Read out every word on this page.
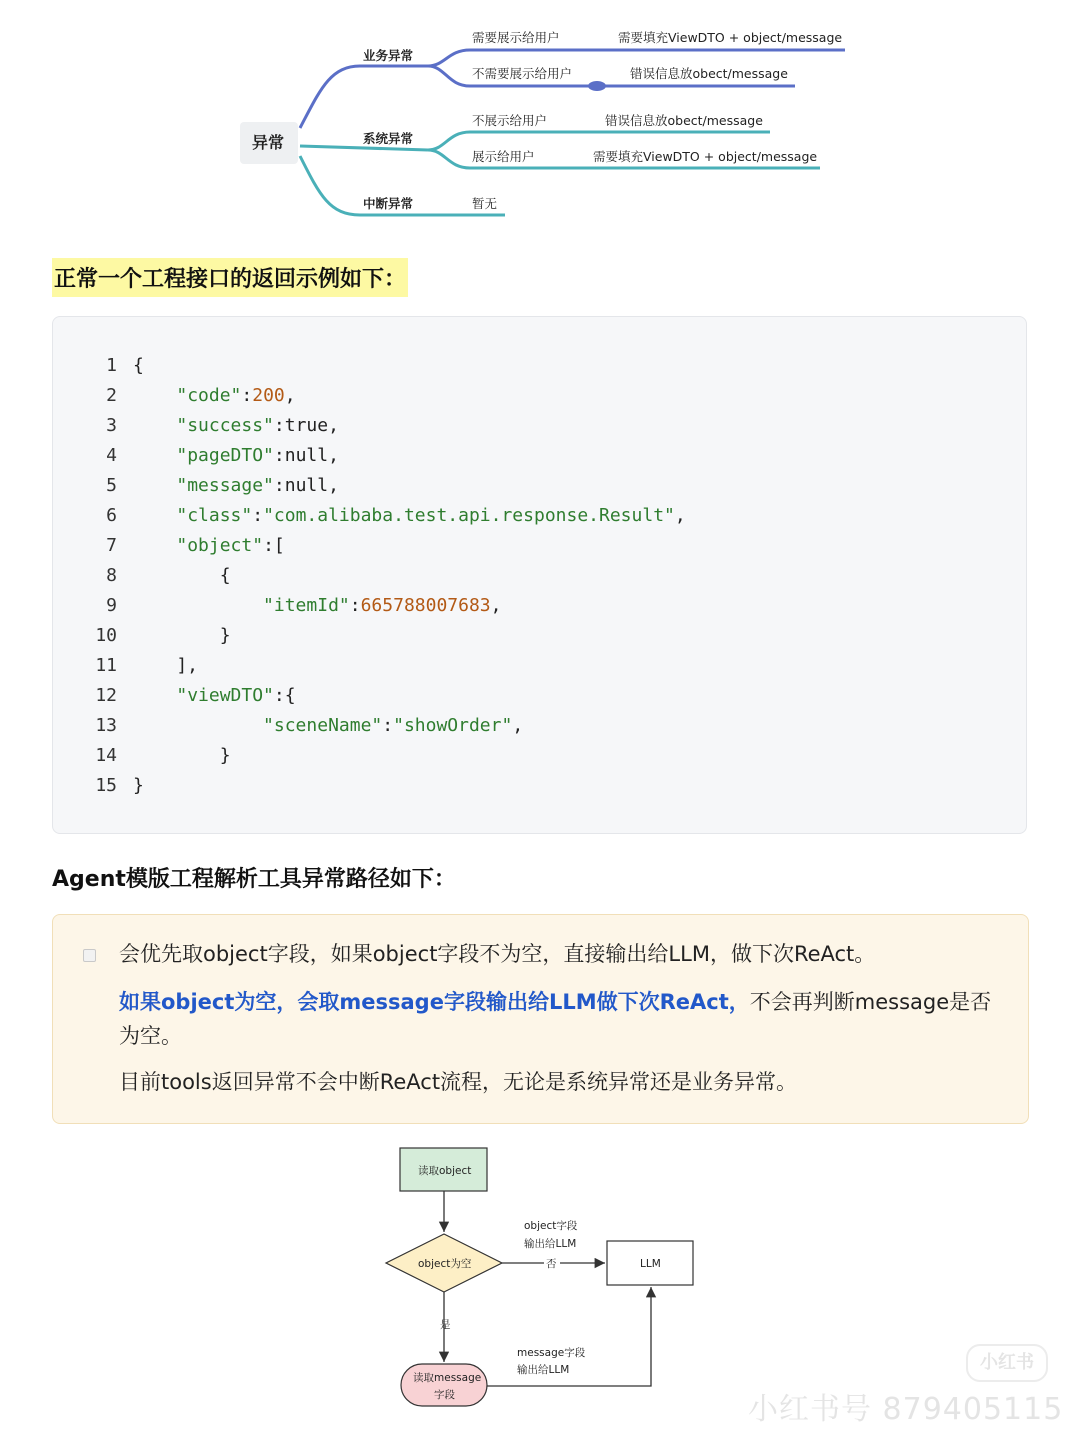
异常
业务异常
需要展示给用户	需要填充ViewDTO + object/message
不需要展示给用户	错误信息放obect/message
系统异常
不展示给用户	错误信息放obect/message
展示给用户	需要填充ViewDTO + object/message
中断异常	暂无
正常一个工程接口的返回示例如下：
1 {
2	"code":200,
3	"success":true,
4	"pageDTO":null,
5	"message":null,
6	"class":"com.alibaba.test.api.response.Result",
7	"object":[
8        {
9	"itemId":665788007683,
10        }
11    ],
12	"viewDTO":{
13	"sceneName":"showOrder",
14        }
15 }
Agent模版工程解析工具异常路径如下：
会优先取object字段，如果object字段不为空，直接输出给LLM，做下次ReAct。
如果object为空，会取message字段输出给LLM做下次ReAct，不会再判断message是否为空。
目前tools返回异常不会中断ReAct流程，无论是系统异常还是业务异常。
读取object
object为空	LLM
读取message
字段
object字段
输出给LLM
否
是
message字段
输出给LLM	小红书
小红书号 879405115
